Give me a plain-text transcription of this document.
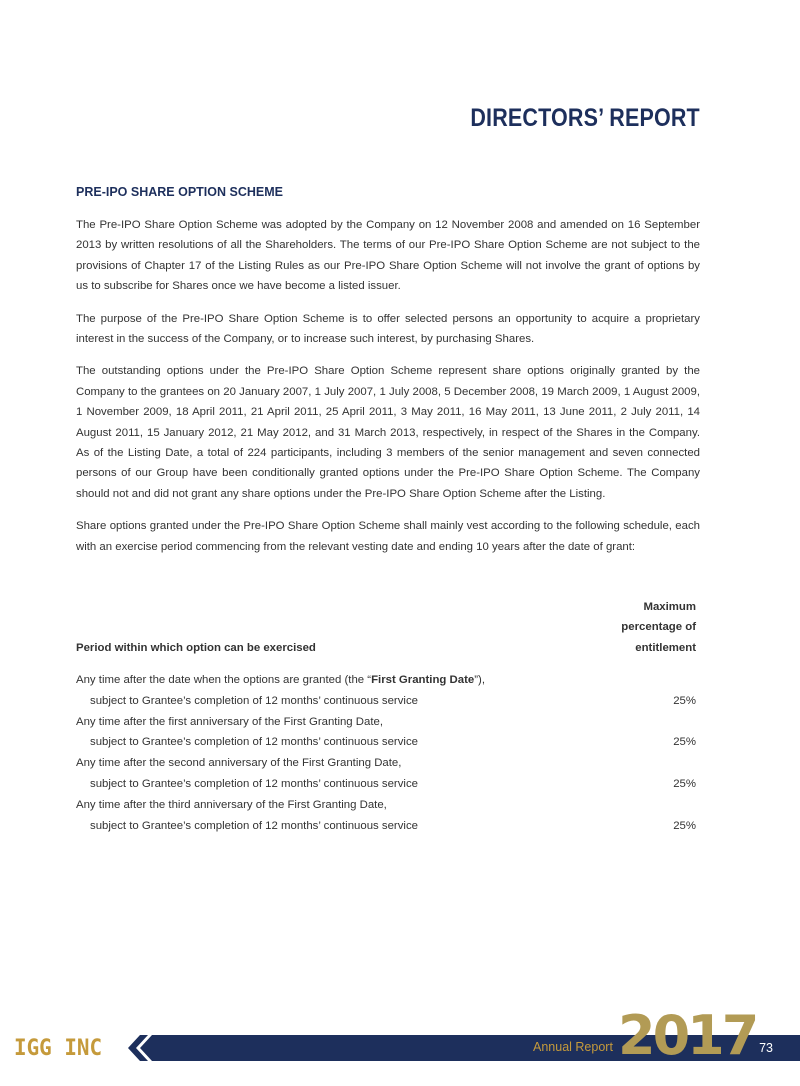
DIRECTORS’ REPORT
PRE-IPO SHARE OPTION SCHEME

The Pre-IPO Share Option Scheme was adopted by the Company on 12 November 2008 and amended on 16 September 2013 by written resolutions of all the Shareholders. The terms of our Pre-IPO Share Option Scheme are not subject to the provisions of Chapter 17 of the Listing Rules as our Pre-IPO Share Option Scheme will not involve the grant of options by us to subscribe for Shares once we have become a listed issuer.

The purpose of the Pre-IPO Share Option Scheme is to offer selected persons an opportunity to acquire a proprietary interest in the success of the Company, or to increase such interest, by purchasing Shares.

The outstanding options under the Pre-IPO Share Option Scheme represent share options originally granted by the Company to the grantees on 20 January 2007, 1 July 2007, 1 July 2008, 5 December 2008, 19 March 2009, 1 August 2009, 1 November 2009, 18 April 2011, 21 April 2011, 25 April 2011, 3 May 2011, 16 May 2011, 13 June 2011, 2 July 2011, 14 August 2011, 15 January 2012, 21 May 2012, and 31 March 2013, respectively, in respect of the Shares in the Company. As of the Listing Date, a total of 224 participants, including 3 members of the senior management and seven connected persons of our Group have been conditionally granted options under the Pre-IPO Share Option Scheme. The Company should not and did not grant any share options under the Pre-IPO Share Option Scheme after the Listing.

Share options granted under the Pre-IPO Share Option Scheme shall mainly vest according to the following schedule, each with an exercise period commencing from the relevant vesting date and ending 10 years after the date of grant:

Period within which option can be exercised
Maximum
percentage of
entitlement
Any time after the date when the options are granted (the “First Granting Date”),
subject to Grantee’s completion of 12 months’ continuous service	25%
Any time after the first anniversary of the First Granting Date,
subject to Grantee’s completion of 12 months’ continuous service	25%
Any time after the second anniversary of the First Granting Date,
subject to Grantee’s completion of 12 months’ continuous service	25%
Any time after the third anniversary of the First Granting Date,
subject to Grantee’s completion of 12 months’ continuous service	25%
IGG INC	Annual Report 2017 73
